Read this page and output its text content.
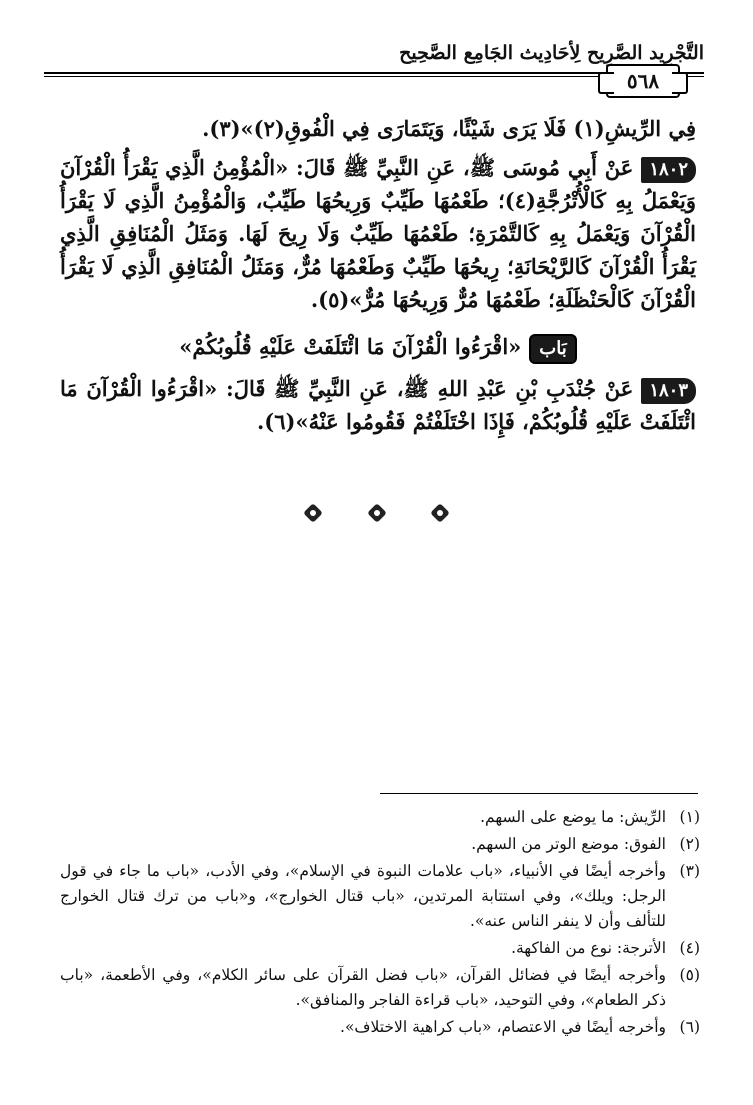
التَّجْرِيد الصَّرِيح لِأحَادِيث الجَامِع الصَّحِيح
٥٦٨

فِي الرِّيشِ(١) فَلَا يَرَى شَيْئًا، وَيَتَمَارَى فِي الْفُوقِ(٢)»(٣).

١٨٠٢عَنْ أَبِي مُوسَى ﷺ، عَنِ النَّبِيِّ ﷺ قَالَ: «الْمُؤْمِنُ الَّذِي يَقْرَأُ الْقُرْآنَ وَيَعْمَلُ بِهِ كَالْأُتْرُجَّةِ(٤)؛ طَعْمُهَا طَيِّبٌ وَرِيحُهَا طَيِّبٌ، وَالْمُؤْمِنُ الَّذِي لَا يَقْرَأُ الْقُرْآنَ وَيَعْمَلُ بِهِ كَالتَّمْرَةِ؛ طَعْمُهَا طَيِّبٌ وَلَا رِيحَ لَهَا. وَمَثَلُ الْمُنَافِقِ الَّذِي يَقْرَأُ الْقُرْآنَ كَالرَّيْحَانَةِ؛ رِيحُهَا طَيِّبٌ وَطَعْمُهَا مُرٌّ، وَمَثَلُ الْمُنَافِقِ الَّذِي لَا يَقْرَأُ الْقُرْآنَ كَالْحَنْظَلَةِ؛ طَعْمُهَا مُرٌّ وَرِيحُهَا مُرٌّ»(٥).

بَاب«اقْرَءُوا الْقُرْآنَ مَا ائْتَلَفَتْ عَلَيْهِ قُلُوبُكُمْ»

١٨٠٣عَنْ جُنْدَبِ بْنِ عَبْدِ اللهِ ﷺ، عَنِ النَّبِيِّ ﷺ قَالَ: «اقْرَءُوا الْقُرْآنَ مَا ائْتَلَفَتْ عَلَيْهِ قُلُوبُكُمْ، فَإِذَا اخْتَلَفْتُمْ فَقُومُوا عَنْهُ»(٦).

(١)
الرِّيش: ما يوضع على السهم.
(٢)
الفوق: موضع الوتر من السهم.
(٣)
وأخرجه أيضًا في الأنبياء، «باب علامات النبوة في الإسلام»، وفي الأدب، «باب ما جاء في قول الرجل: ويلك»، وفي استتابة المرتدين، «باب قتال الخوارج»، و«باب من ترك قتال الخوارج للتألف وأن لا ينفر الناس عنه».
(٤)
الأترجة: نوع من الفاكهة.
(٥)
وأخرجه أيضًا في فضائل القرآن، «باب فضل القرآن على سائر الكلام»، وفي الأطعمة، «باب ذكر الطعام»، وفي التوحيد، «باب قراءة الفاجر والمنافق».
(٦)
وأخرجه أيضًا في الاعتصام، «باب كراهية الاختلاف».
